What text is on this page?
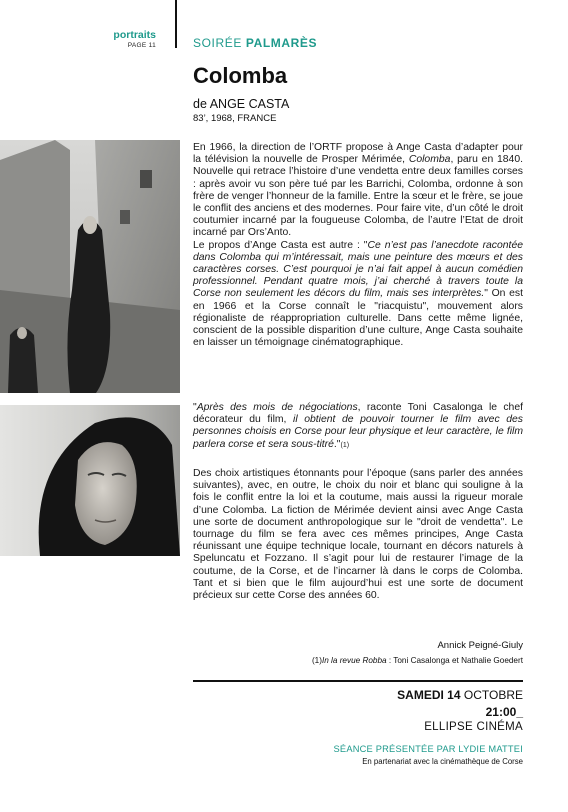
portraits
PAGE 11	SOIRÉE PALMARÈS
Colomba
de ANGE CASTA
83’, 1968, FRANCE
En 1966, la direction de l’ORTF propose à Ange Casta d’adapter pour la télévision la nouvelle de Prosper Mérimée, Colomba, paru en 1840. Nouvelle qui retrace l’histoire d’une vendetta entre deux familles corses : après avoir vu son père tué par les Barrichi, Colomba, ordonne à son frère de venger l’honneur de la famille. Entre la sœur et le frère, se joue le conflit des anciens et des modernes. Pour faire vite, d’un côté le droit coutumier incarné par la fougueuse Colomba, de l’autre l’Etat de droit incarné par Ors’Anto.
Le propos d’Ange Casta est autre : "Ce n’est pas l’anecdote racontée dans Colomba qui m’intéressait, mais une peinture des mœurs et des caractères corses. C’est pourquoi je n’ai fait appel à aucun comédien professionnel. Pendant quatre mois, j’ai cherché à travers toute la Corse non seulement les décors du film, mais ses interprètes." On est en 1966 et la Corse connaît le "riacquistu", mouvement alors régionaliste de réappropriation culturelle. Dans cette même lignée, conscient de la possible disparition d’une culture, Ange Casta souhaite en laisser un témoignage cinématographique.
"Après des mois de négociations, raconte Toni Casalonga le chef décorateur du film, il obtient de pouvoir tourner le film avec des personnes choisis en Corse pour leur physique et leur caractère, le film parlera corse et sera sous-titré."(1)
Des choix artistiques étonnants pour l’époque (sans parler des années suivantes), avec, en outre, le choix du noir et blanc qui souligne à la fois le conflit entre la loi et la coutume, mais aussi la rigueur morale d’une Colomba. La fiction de Mérimée devient ainsi avec Ange Casta une sorte de document anthropologique sur le "droit de vendetta". Le tournage du film se fera avec ces mêmes principes, Ange Casta réunissant une équipe technique locale, tournant en décors naturels à Speluncatu et Fozzano. Il s’agit pour lui de restaurer l’image de la coutume, de la Corse, et de l’incarner là dans le corps de Colomba. Tant et si bien que le film aujourd’hui est une sorte de document précieux sur cette Corse des années 60.
Annick Peigné-Giuly
(1)In la revue Robba : Toni Casalonga et Nathalie Goedert
SAMEDI 14 OCTOBRE
21:00_
ELLIPSE CINÉMA
SÉANCE PRÉSENTÉE PAR LYDIE MATTEI
En partenariat avec la cinémathèque de Corse
